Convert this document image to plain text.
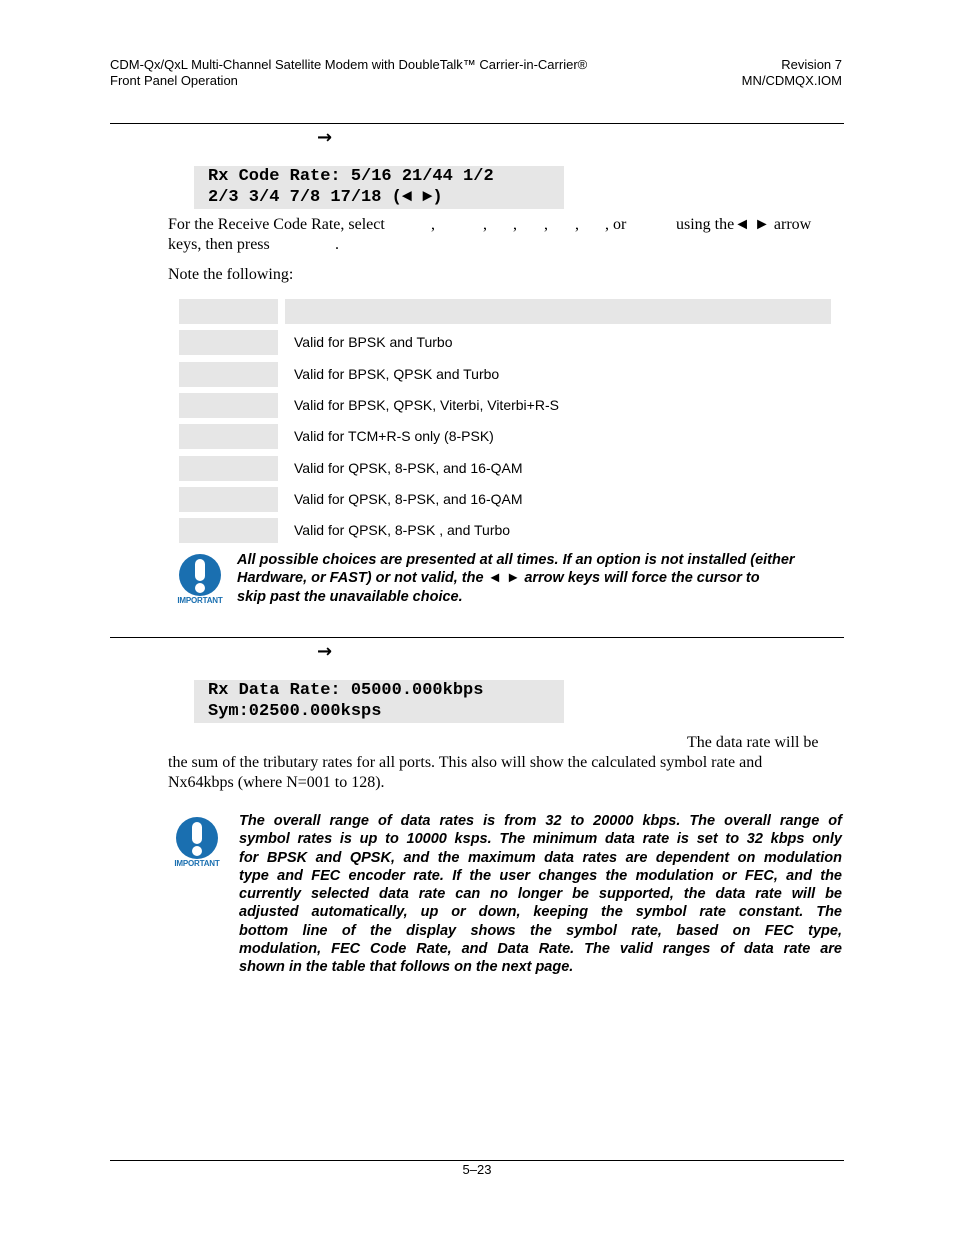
CDM-Qx/QxL Multi-Channel Satellite Modem with DoubleTalk™ Carrier-in-Carrier®
Front Panel Operation
Revision 7
MN/CDMQX.IOM
→
Rx Code Rate: 5/16 21/44 1/2
2/3 3/4 7/8 17/18 (◄ ►)
For the Receive Code Rate, select	,	, , , , , or	using the◄ ► arrow
keys, then press	.
Note the following:
Valid for BPSK and Turbo
Valid for BPSK, QPSK and Turbo
Valid for BPSK, QPSK, Viterbi, Viterbi+R-S
Valid for TCM+R-S only (8-PSK)
Valid for QPSK, 8-PSK, and 16-QAM
Valid for QPSK, 8-PSK, and 16-QAM
Valid for QPSK, 8-PSK , and Turbo
IMPORTANT
All possible choices are presented at all times. If an option is not installed (either
Hardware, or FAST) or not valid, the ◄ ► arrow keys will force the cursor to
skip past the unavailable choice.
→
Rx Data Rate: 05000.000kbps
Sym:02500.000ksps
The data rate will be
the sum of the tributary rates for all ports. This also will show the calculated symbol rate and
Nx64kbps (where N=001 to 128).
IMPORTANT
The overall range of data rates is from 32 to 20000 kbps. The overall range of
symbol rates is up to 10000 ksps. The minimum data rate is set to 32 kbps only
for BPSK and QPSK, and the maximum data rates are dependent on modulation
type and FEC encoder rate. If the user changes the modulation or FEC, and the
currently selected data rate can no longer be supported, the data rate will be
adjusted automatically, up or down, keeping the symbol rate constant. The
bottom line of the display shows the symbol rate, based on FEC type,
modulation, FEC Code Rate, and Data Rate. The valid ranges of data rate are
shown in the table that follows on the next page.
5–23
